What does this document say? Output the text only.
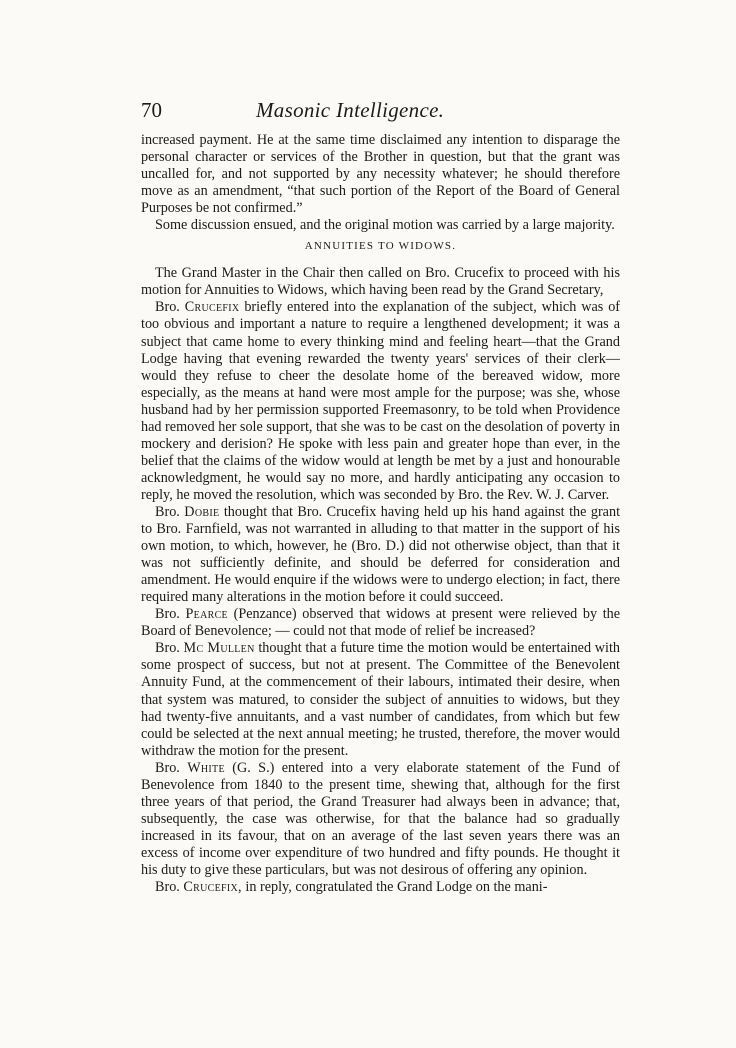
70	Masonic Intelligence.

increased payment. He at the same time disclaimed any intention to disparage the personal character or services of the Brother in question, but that the grant was uncalled for, and not supported by any necessity whatever; he should therefore move as an amendment, “that such portion of the Report of the Board of General Purposes be not confirmed.”

Some discussion ensued, and the original motion was carried by a large majority.

ANNUITIES TO WIDOWS.

The Grand Master in the Chair then called on Bro. Crucefix to proceed with his motion for Annuities to Widows, which having been read by the Grand Secretary,

Bro. Crucefix briefly entered into the explanation of the subject, which was of too obvious and important a nature to require a lengthened development; it was a subject that came home to every thinking mind and feeling heart—that the Grand Lodge having that evening rewarded the twenty years' services of their clerk—would they refuse to cheer the desolate home of the bereaved widow, more especially, as the means at hand were most ample for the purpose; was she, whose husband had by her permission supported Freemasonry, to be told when Providence had removed her sole support, that she was to be cast on the desolation of poverty in mockery and derision? He spoke with less pain and greater hope than ever, in the belief that the claims of the widow would at length be met by a just and honourable acknowledgment, he would say no more, and hardly anticipating any occasion to reply, he moved the resolution, which was seconded by Bro. the Rev. W. J. Carver.

Bro. Dobie thought that Bro. Crucefix having held up his hand against the grant to Bro. Farnfield, was not warranted in alluding to that matter in the support of his own motion, to which, however, he (Bro. D.) did not otherwise object, than that it was not sufficiently definite, and should be deferred for consideration and amendment. He would enquire if the widows were to undergo election; in fact, there required many alterations in the motion before it could succeed.

Bro. Pearce (Penzance) observed that widows at present were relieved by the Board of Benevolence; — could not that mode of relief be increased?

Bro. Mc Mullen thought that a future time the motion would be entertained with some prospect of success, but not at present. The Committee of the Benevolent Annuity Fund, at the commencement of their labours, intimated their desire, when that system was matured, to consider the subject of annuities to widows, but they had twenty-five annuitants, and a vast number of candidates, from which but few could be selected at the next annual meeting; he trusted, therefore, the mover would withdraw the motion for the present.

Bro. White (G. S.) entered into a very elaborate statement of the Fund of Benevolence from 1840 to the present time, shewing that, although for the first three years of that period, the Grand Treasurer had always been in advance; that, subsequently, the case was otherwise, for that the balance had so gradually increased in its favour, that on an average of the last seven years there was an excess of income over expenditure of two hundred and fifty pounds. He thought it his duty to give these particulars, but was not desirous of offering any opinion.

Bro. Crucefix, in reply, congratulated the Grand Lodge on the mani-
